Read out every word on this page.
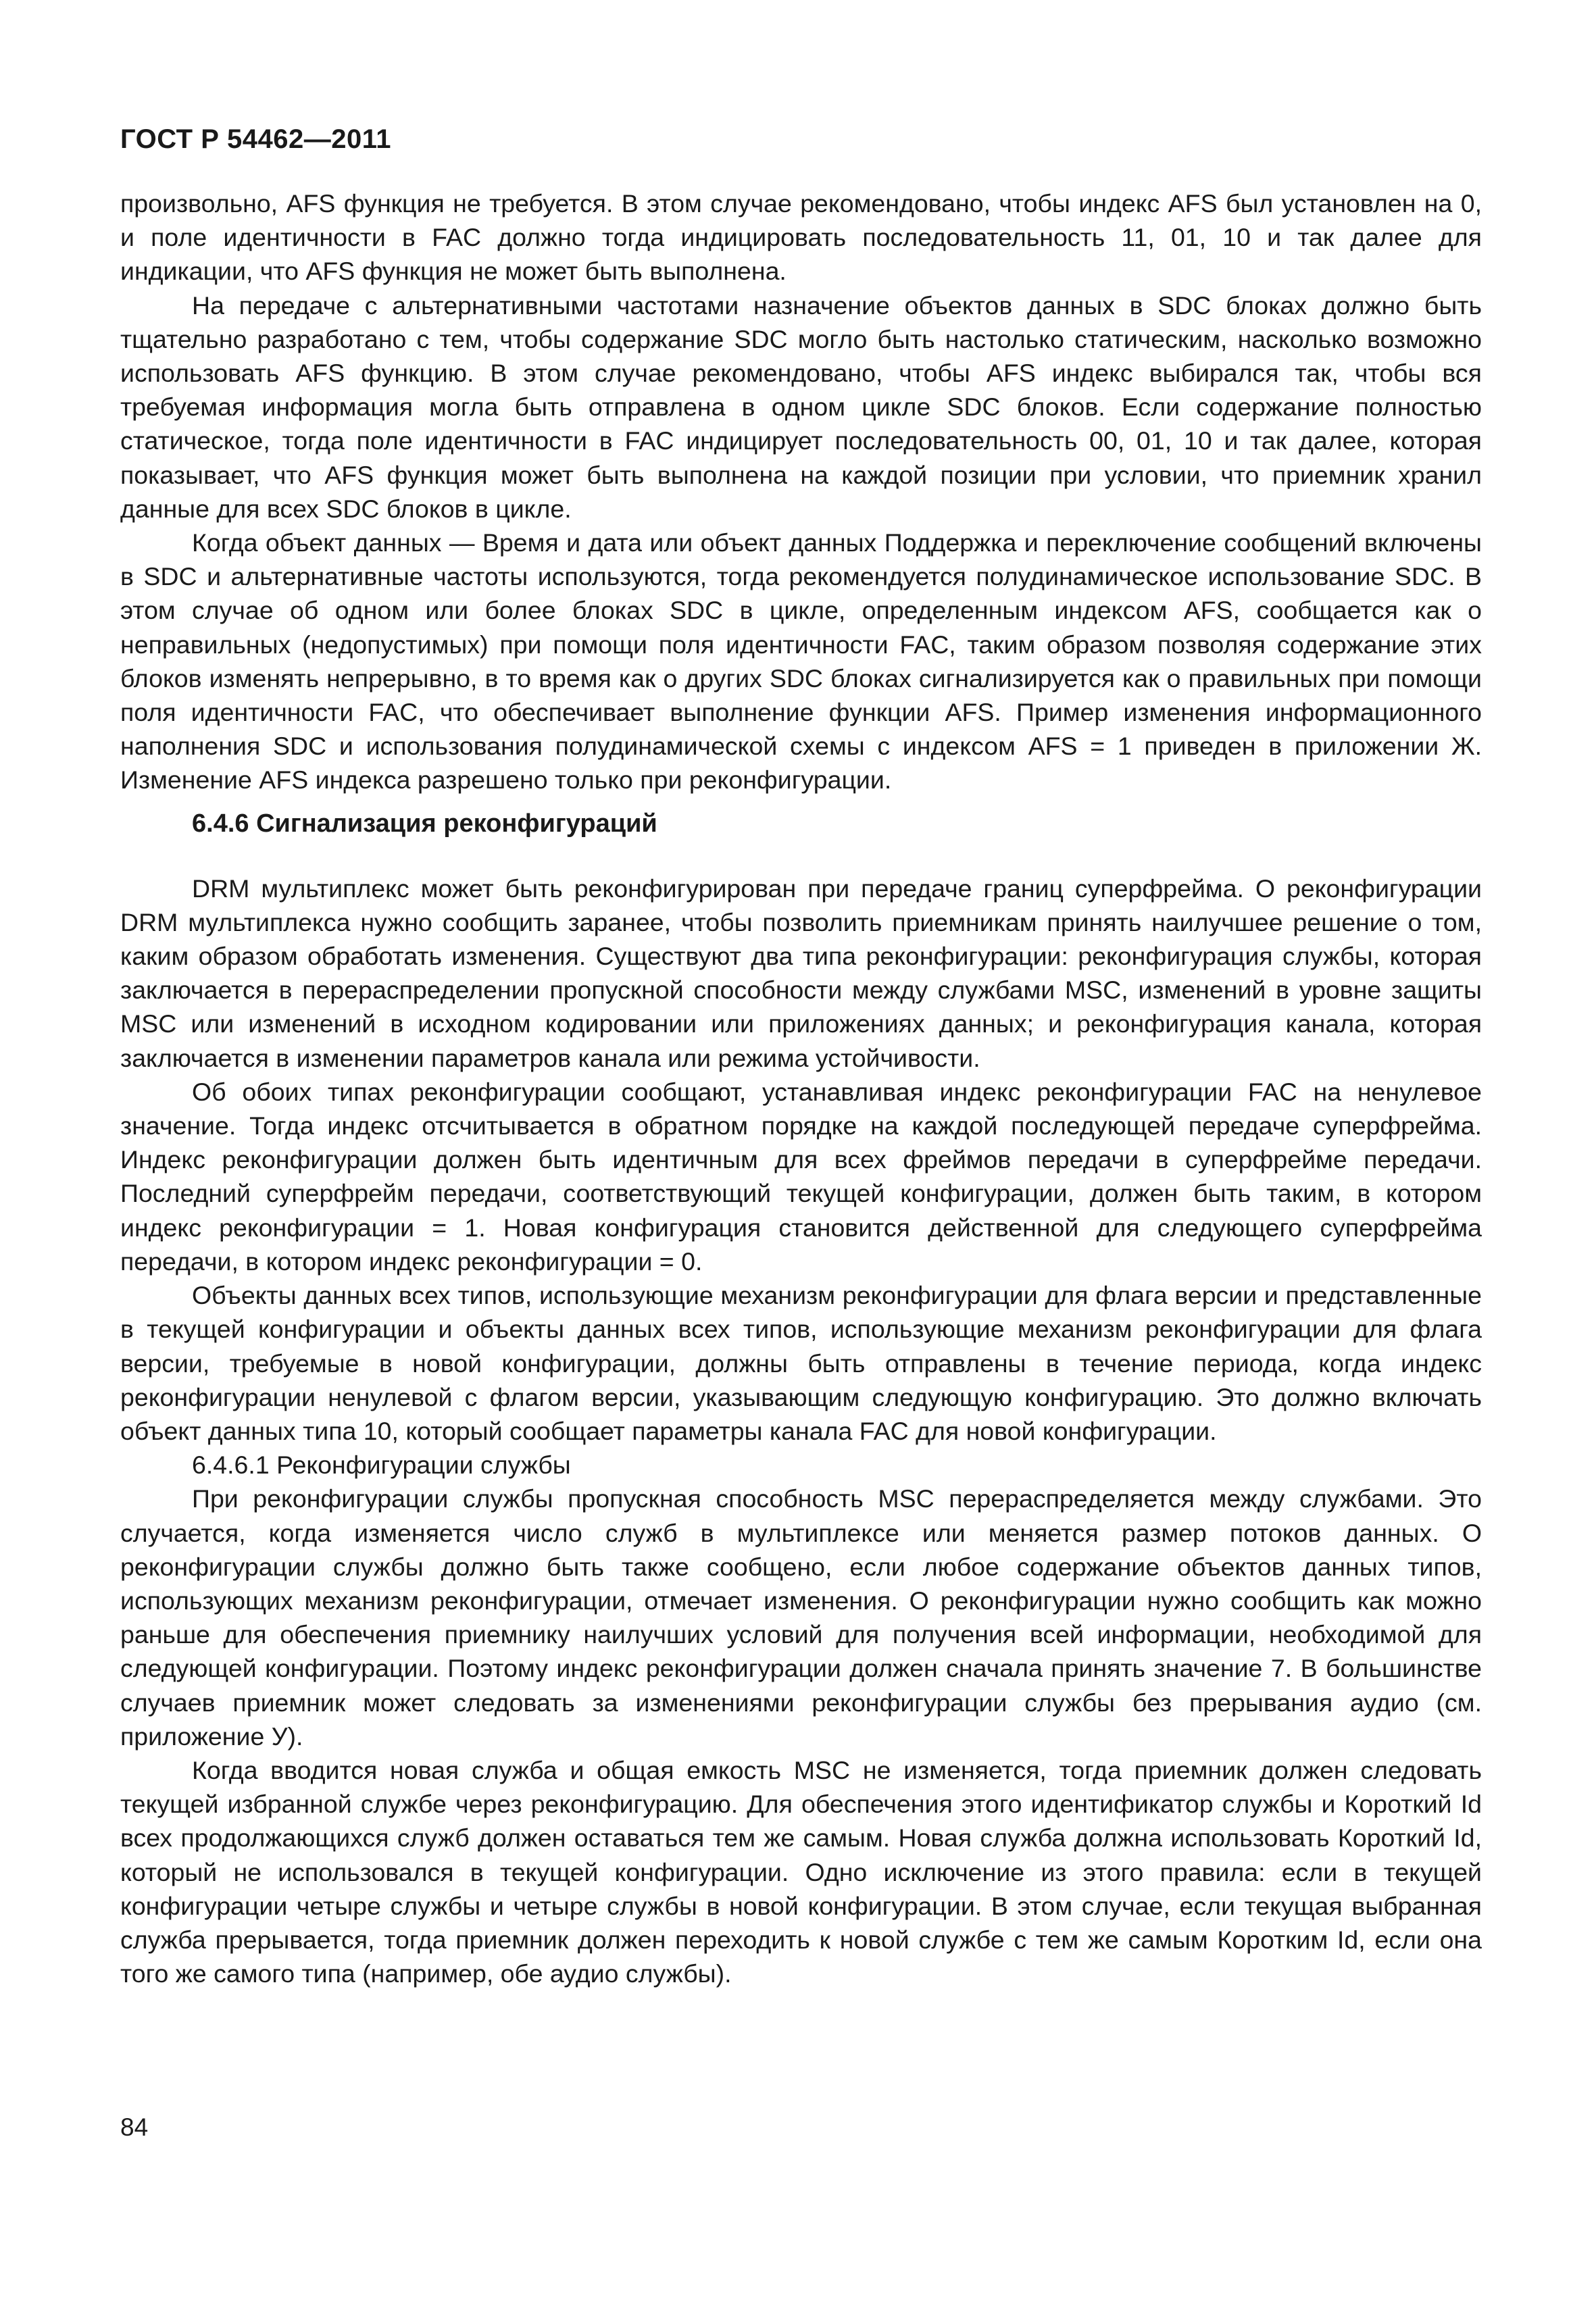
ГОСТ Р 54462—2011

произвольно, AFS функция не требуется. В этом случае рекомендовано, чтобы индекс AFS был установлен на 0, и поле идентичности в FAC должно тогда индицировать последовательность 11, 01, 10 и так далее для индикации, что AFS функция не может быть выполнена.

На передаче с альтернативными частотами назначение объектов данных в SDC блоках должно быть тщательно разработано с тем, чтобы содержание SDC могло быть настолько статическим, насколько возможно использовать AFS функцию. В этом случае рекомендовано, чтобы AFS индекс выбирался так, чтобы вся требуемая информация могла быть отправлена в одном цикле SDC блоков. Если содержание полностью статическое, тогда поле идентичности в FAC индицирует последовательность 00, 01, 10 и так далее, которая показывает, что AFS функция может быть выполнена на каждой позиции при условии, что приемник хранил данные для всех SDC блоков в цикле.

Когда объект данных — Время и дата или объект данных Поддержка и переключение сообщений включены в SDC и альтернативные частоты используются, тогда рекомендуется полудинамическое использование SDC. В этом случае об одном или более блоках SDC в цикле, определенным индексом AFS, сообщается как о неправильных (недопустимых) при помощи поля идентичности FAC, таким образом позволяя содержание этих блоков изменять непрерывно, в то время как о других SDC блоках сигнализируется как о правильных при помощи поля идентичности FAC, что обеспечивает выполнение функции AFS. Пример изменения информационного наполнения SDC и использования полудинамической схемы с индексом AFS = 1 приведен в приложении Ж. Изменение AFS индекса разрешено только при реконфигурации.

6.4.6 Сигнализация реконфигураций

DRM мультиплекс может быть реконфигурирован при передаче границ суперфрейма. О реконфигурации DRM мультиплекса нужно сообщить заранее, чтобы позволить приемникам принять наилучшее решение о том, каким образом обработать изменения. Существуют два типа реконфигурации: реконфигурация службы, которая заключается в перераспределении пропускной способности между службами MSC, изменений в уровне защиты MSC или изменений в исходном кодировании или приложениях данных; и реконфигурация канала, которая заключается в изменении параметров канала или режима устойчивости.

Об обоих типах реконфигурации сообщают, устанавливая индекс реконфигурации FAC на ненулевое значение. Тогда индекс отсчитывается в обратном порядке на каждой последующей передаче суперфрейма. Индекс реконфигурации должен быть идентичным для всех фреймов передачи в суперфрейме передачи. Последний суперфрейм передачи, соответствующий текущей конфигурации, должен быть таким, в котором индекс реконфигурации = 1. Новая конфигурация становится действенной для следующего суперфрейма передачи, в котором индекс реконфигурации = 0.

Объекты данных всех типов, использующие механизм реконфигурации для флага версии и представленные в текущей конфигурации и объекты данных всех типов, использующие механизм реконфигурации для флага версии, требуемые в новой конфигурации, должны быть отправлены в течение периода, когда индекс реконфигурации ненулевой с флагом версии, указывающим следующую конфигурацию. Это должно включать объект данных типа 10, который сообщает параметры канала FAC для новой конфигурации.

6.4.6.1 Реконфигурации службы

При реконфигурации службы пропускная способность MSC перераспределяется между службами. Это случается, когда изменяется число служб в мультиплексе или меняется размер потоков данных. О реконфигурации службы должно быть также сообщено, если любое содержание объектов данных типов, использующих механизм реконфигурации, отмечает изменения. О реконфигурации нужно сообщить как можно раньше для обеспечения приемнику наилучших условий для получения всей информации, необходимой для следующей конфигурации. Поэтому индекс реконфигурации должен сначала принять значение 7. В большинстве случаев приемник может следовать за изменениями реконфигурации службы без прерывания аудио (см. приложение У).

Когда вводится новая служба и общая емкость MSC не изменяется, тогда приемник должен следовать текущей избранной службе через реконфигурацию. Для обеспечения этого идентификатор службы и Короткий Id всех продолжающихся служб должен оставаться тем же самым. Новая служба должна использовать Короткий Id, который не использовался в текущей конфигурации. Одно исключение из этого правила: если в текущей конфигурации четыре службы и четыре службы в новой конфигурации. В этом случае, если текущая выбранная служба прерывается, тогда приемник должен переходить к новой службе с тем же самым Коротким Id, если она того же самого типа (например, обе аудио службы).

84
